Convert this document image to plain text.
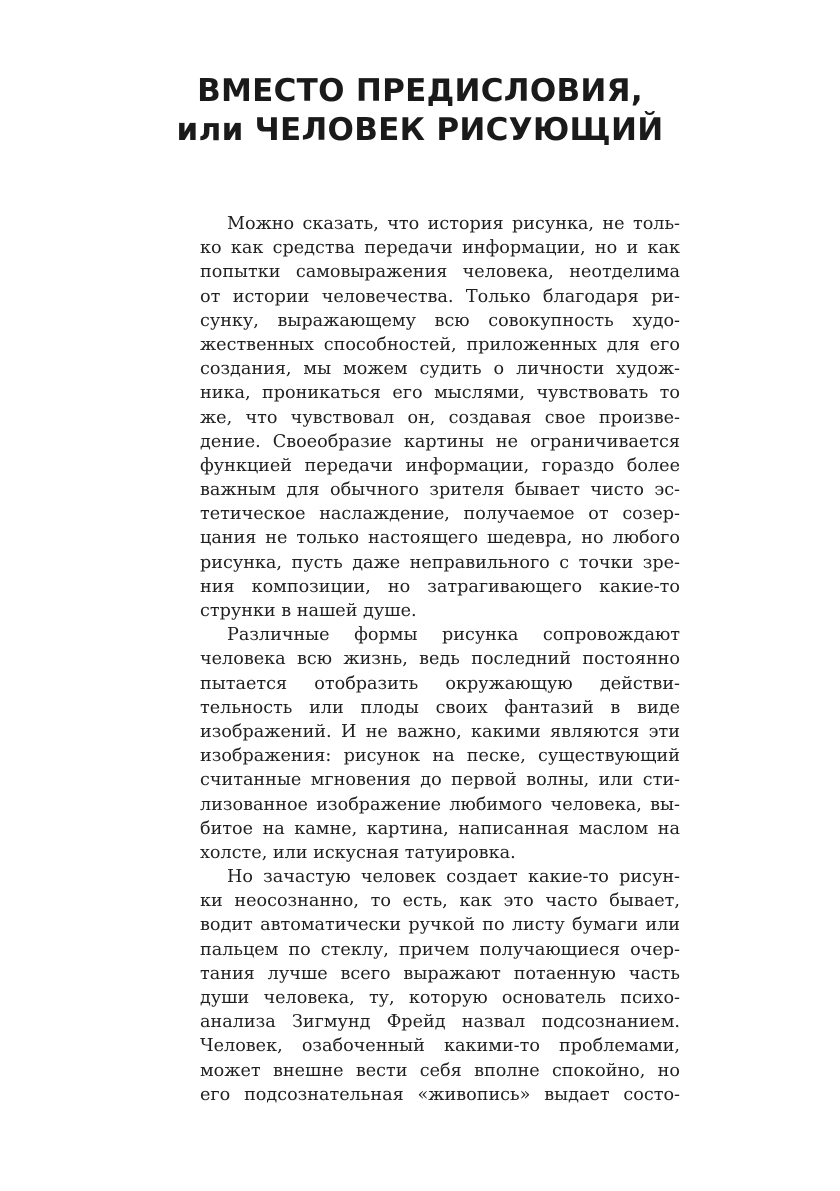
ВМЕСТО ПРЕДИСЛОВИЯ,
или ЧЕЛОВЕК РИСУЮЩИЙ
Можно сказать, что история рисунка, не толь-
ко как средства передачи информации, но и как
попытки самовыражения человека, неотделима
от истории человечества. Только благодаря ри-
сунку, выражающему всю совокупность худо-
жественных способностей, приложенных для его
создания, мы можем судить о личности худож-
ника, проникаться его мыслями, чувствовать то
же, что чувствовал он, создавая свое произве-
дение. Своеобразие картины не ограничивается
функцией передачи информации, гораздо более
важным для обычного зрителя бывает чисто эс-
тетическое наслаждение, получаемое от созер-
цания не только настоящего шедевра, но любого
рисунка, пусть даже неправильного с точки зре-
ния композиции, но затрагивающего какие-то
струнки в нашей душе.
Различные формы рисунка сопровождают
человека всю жизнь, ведь последний постоянно
пытается отобразить окружающую действи-
тельность или плоды своих фантазий в виде
изображений. И не важно, какими являются эти
изображения: рисунок на песке, существующий
считанные мгновения до первой волны, или сти-
лизованное изображение любимого человека, вы-
битое на камне, картина, написанная маслом на
холсте, или искусная татуировка.
Но зачастую человек создает какие-то рисун-
ки неосознанно, то есть, как это часто бывает,
водит автоматически ручкой по листу бумаги или
пальцем по стеклу, причем получающиеся очер-
тания лучше всего выражают потаенную часть
души человека, ту, которую основатель психо-
анализа Зигмунд Фрейд назвал подсознанием.
Человек, озабоченный какими-то проблемами,
может внешне вести себя вполне спокойно, но
его подсознательная «живопись» выдает состо-
